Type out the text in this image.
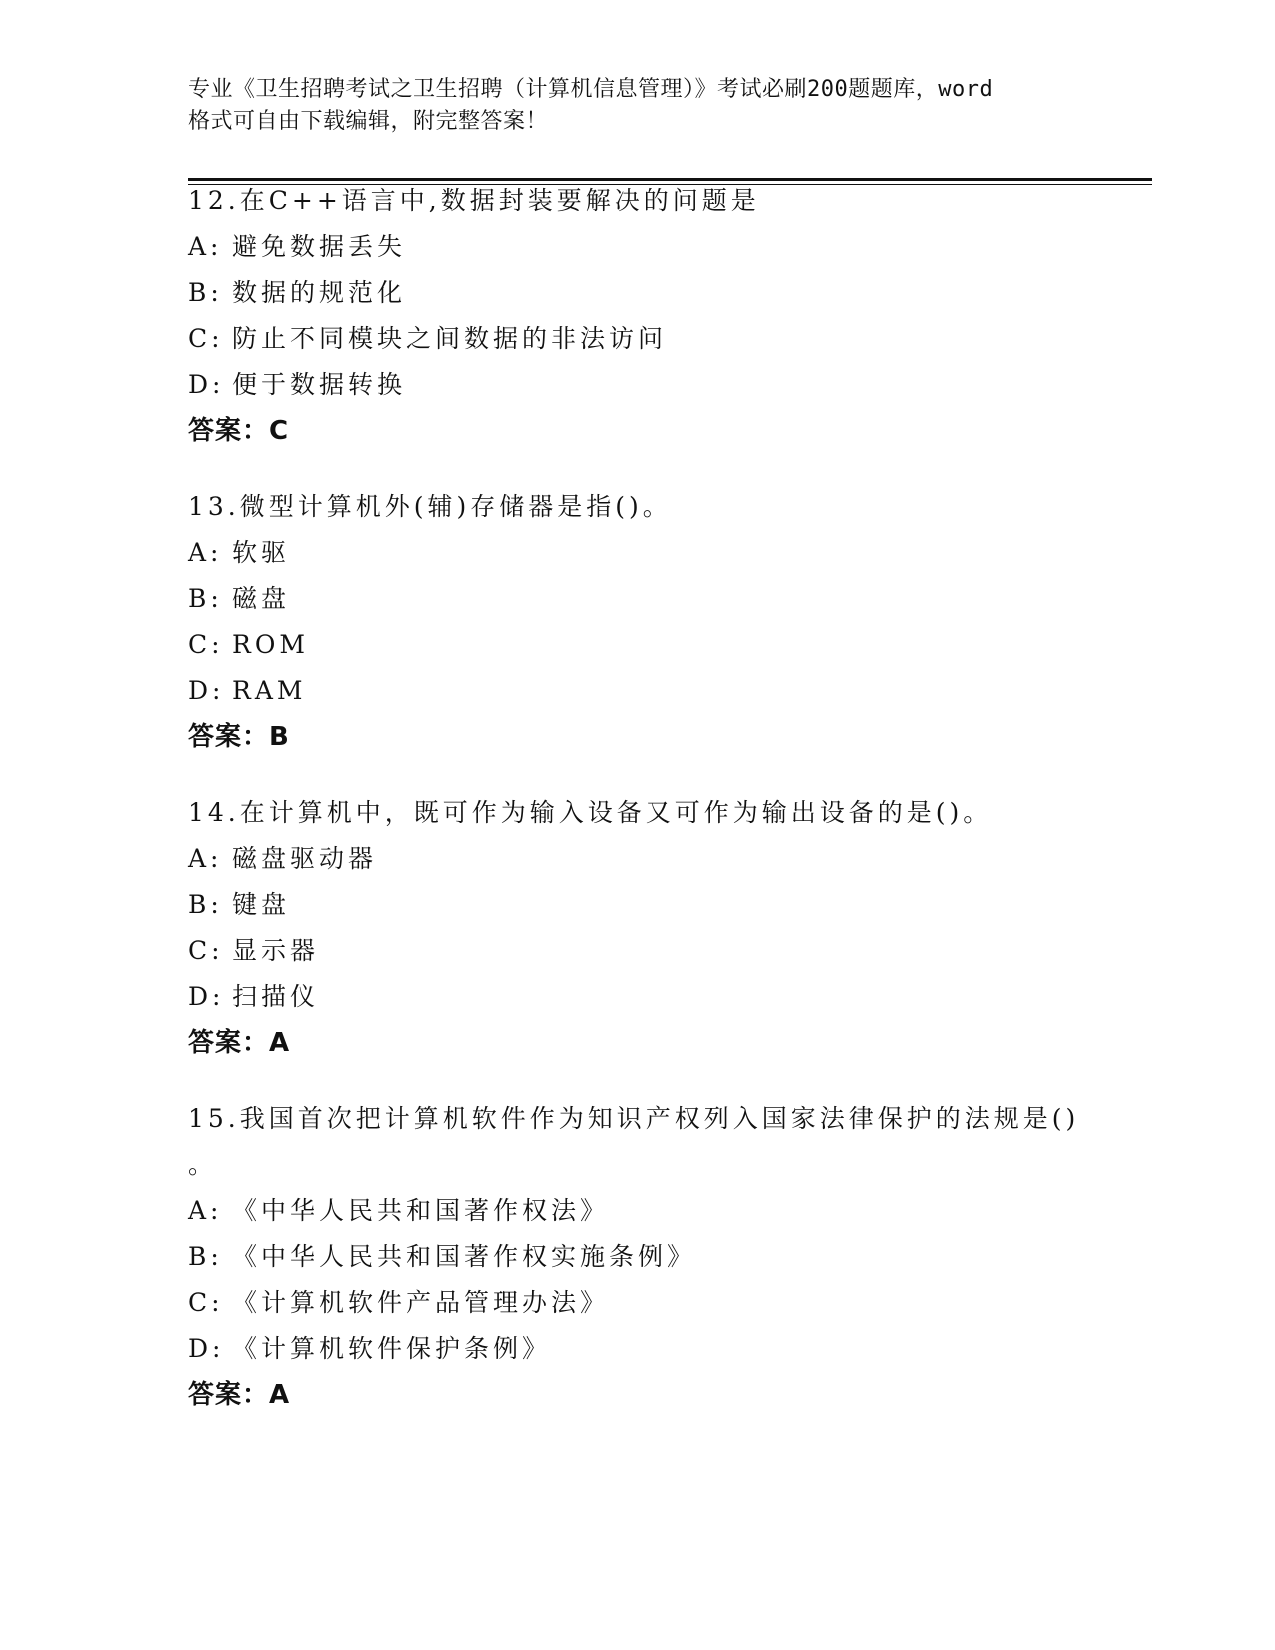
专业《卫生招聘考试之卫生招聘（计算机信息管理）》考试必刷200题题库，word
格式可自由下载编辑，附完整答案！
12.在C++语言中,数据封装要解决的问题是
A: 避免数据丢失
B: 数据的规范化
C: 防止不同模块之间数据的非法访问
D: 便于数据转换
答案：C
13.微型计算机外(辅)存储器是指()。
A: 软驱
B: 磁盘
C: ROM
D: RAM
答案：B
14.在计算机中，既可作为输入设备又可作为输出设备的是()。
A: 磁盘驱动器
B: 键盘
C: 显示器
D: 扫描仪
答案：A
15.我国首次把计算机软件作为知识产权列入国家法律保护的法规是()
。
A: 《中华人民共和国著作权法》
B: 《中华人民共和国著作权实施条例》
C: 《计算机软件产品管理办法》
D: 《计算机软件保护条例》
答案：A
